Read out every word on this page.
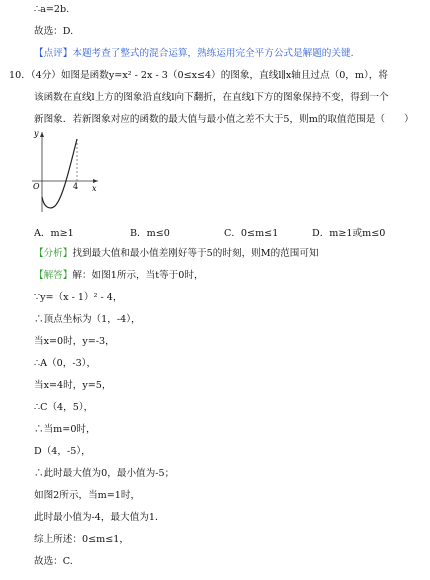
∴a=2b.
故选：D.
【点评】本题考查了整式的混合运算，熟练运用完全平方公式是解题的关键．
10．（4分）如图是函数y=x² - 2x - 3（0≤x≤4）的图象，直线l∥x轴且过点（0，m），将
该函数在直线l上方的图象沿直线l向下翻折，在直线l下方的图象保持不变，得到一个
新图象．若新图象对应的函数的最大值与最小值之差不大于5，则m的取值范围是（　　）
y
x
O	4
A．m≥1	B．m≤0	C．0≤m≤1	D．m≥1或m≤0
【分析】找到最大值和最小值差刚好等于5的时刻，则M的范围可知
【解答】解：如图1所示，当t等于0时，
∵y=（x - 1）² - 4，
∴顶点坐标为（1，-4），
当x=0时，y=-3，
∴A（0，-3），
当x=4时，y=5，
∴C（4，5），
∴当m=0时，
D（4，-5），
∴此时最大值为0，最小值为-5；
如图2所示，当m=1时，
此时最小值为-4，最大值为1．
综上所述：0≤m≤1，
故选：C.
